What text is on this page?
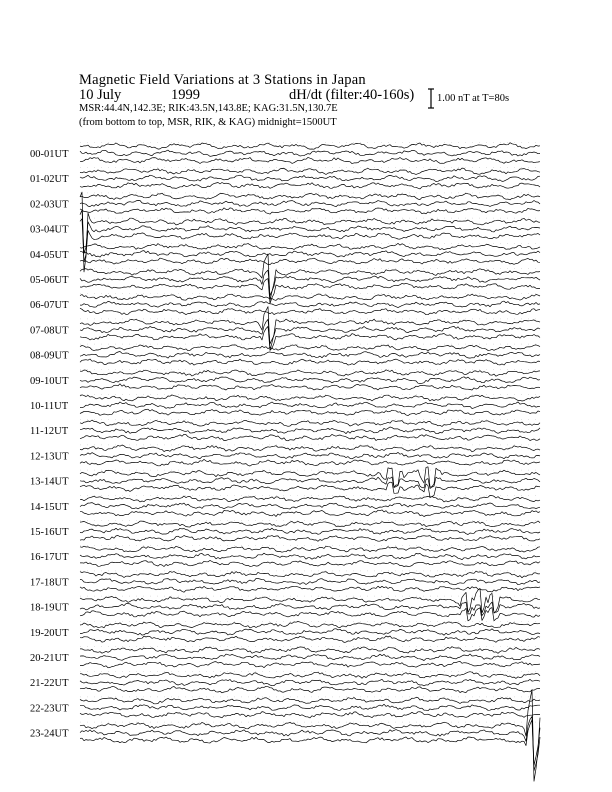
Magnetic Field Variations at 3 Stations in Japan
10 July	1999	dH/dt (filter:40-160s)
MSR:44.4N,142.3E; RIK:43.5N,143.8E; KAG:31.5N,130.7E
(from bottom to top, MSR, RIK, & KAG) midnight=1500UT
1.00 nT at T=80s
00-01UT
01-02UT
02-03UT
03-04UT
04-05UT
05-06UT
06-07UT
07-08UT
08-09UT
09-10UT
10-11UT
11-12UT
12-13UT
13-14UT
14-15UT
15-16UT
16-17UT
17-18UT
18-19UT
19-20UT
20-21UT
21-22UT
22-23UT
23-24UT
